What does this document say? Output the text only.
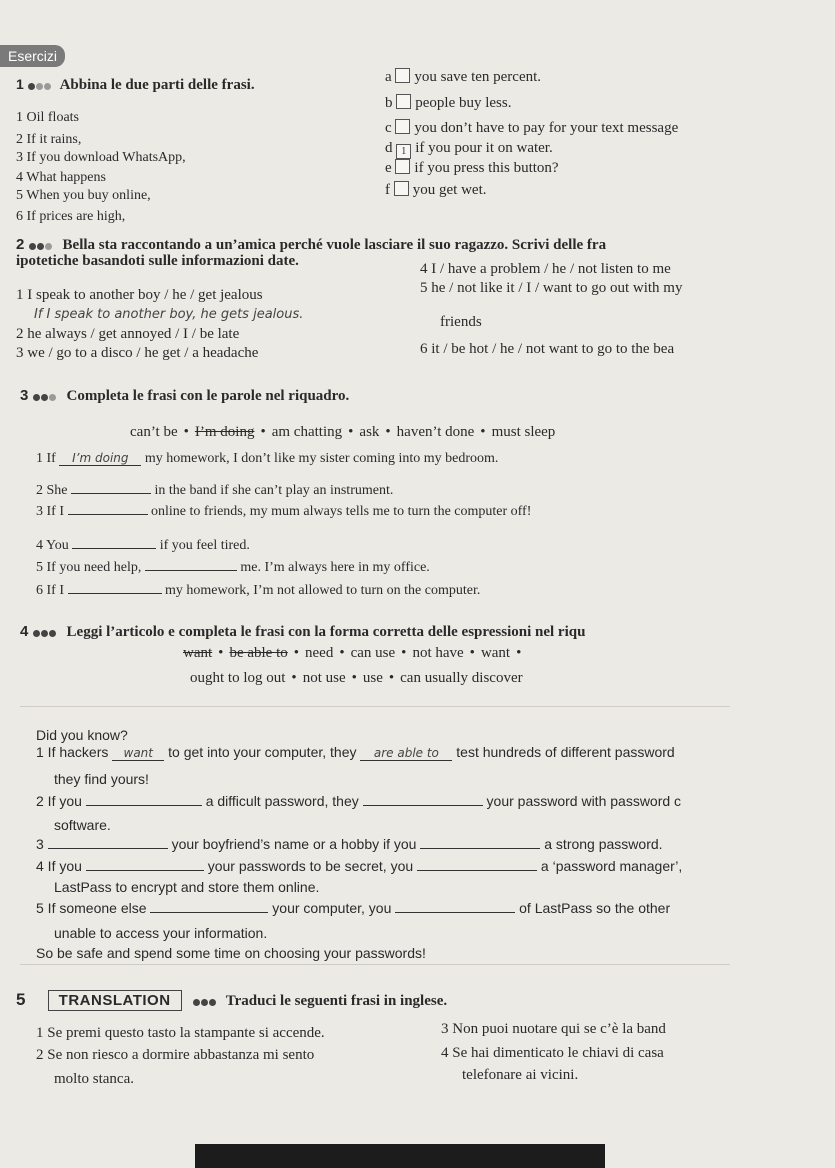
Esercizi
1 Abbina le due parti delle frasi.
1 Oil floats
2 If it rains,
3 If you download WhatsApp,
4 What happens
5 When you buy online,
6 If prices are high,
a you save ten percent.
b people buy less.
c you don’t have to pay for your text message
d 1 if you pour it on water.
e if you press this button?
f you get wet.
2	Bella sta raccontando a un’amica perché vuole lasciare il suo ragazzo. Scrivi delle fra
ipotetiche basandoti sulle informazioni date.
1 I speak to another boy / he / get jealous
If I speak to another boy, he gets jealous.
2 he always / get annoyed / I / be late
3 we / go to a disco / he get / a headache
4 I / have a problem / he / not listen to me
5 he / not like it / I / want to go out with my
friends
6 it / be hot / he / not want to go to the bea
3	Completa le frasi con le parole nel riquadro.
can’t be • I’m doing • am chatting • ask • haven’t done • must sleep
1 If I’m doing my homework, I don’t like my sister coming into my bedroom.
2 She	in the band if she can’t play an instrument.
3 If I	online to friends, my mum always tells me to turn the computer off!
4 You	if you feel tired.
5 If you need help,	me. I’m always here in my office.
6 If I	my homework, I’m not allowed to turn on the computer.
4	Leggi l’articolo e completa le frasi con la forma corretta delle espressioni nel riqu
want • be able to • need • can use • not have • want •
ought to log out • not use • use • can usually discover
Did you know?
1 If hackers want to get into your computer, they are able to test hundreds of different password
they find yours!
2 If you	a difficult password, they	your password with password c
software.
3	your boyfriend’s name or a hobby if you	a strong password.
4 If you	your passwords to be secret, you	a ‘password manager’,
LastPass to encrypt and store them online.
5 If someone else	your computer, you	of LastPass so the other
unable to access your information.
So be safe and spend some time on choosing your passwords!
5 TRANSLATION	Traduci le seguenti frasi in inglese.
1 Se premi questo tasto la stampante si accende.
2 Se non riesco a dormire abbastanza mi sento
molto stanca.
3 Non puoi nuotare qui se c’è la band
4 Se hai dimenticato le chiavi di casa
telefonare ai vicini.
